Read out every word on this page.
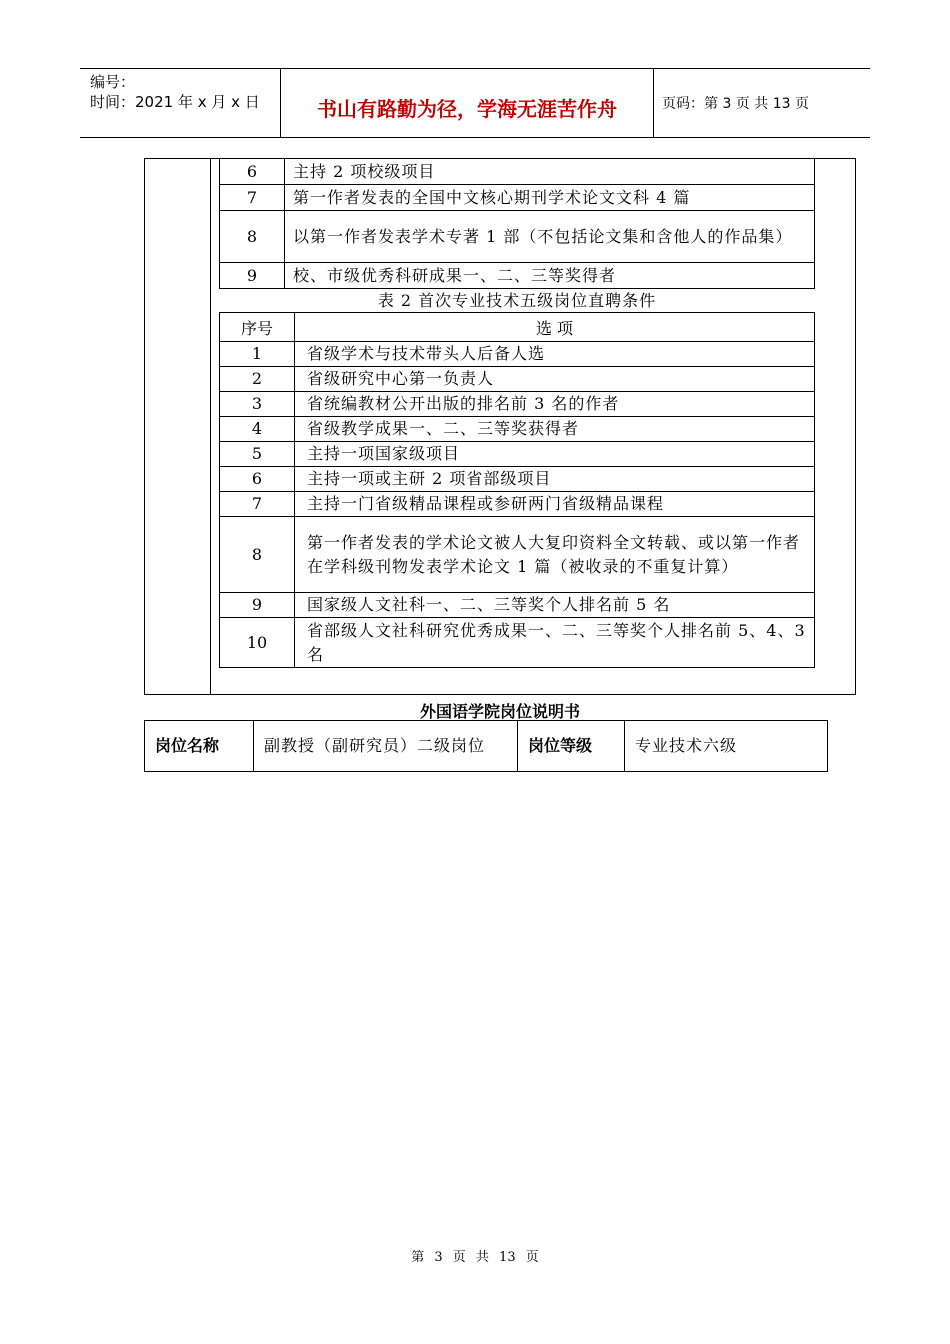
编号：
时间：2021 年 x 月 x 日	书山有路勤为径，学海无涯苦作舟	页码：第 3 页 共 13 页
6	主持 2 项校级项目
7	第一作者发表的全国中文核心期刊学术论文文科 4 篇
8	以第一作者发表学术专著 1 部（不包括论文集和含他人的作品集）
9	校、市级优秀科研成果一、二、三等奖得者
表 2 首次专业技术五级岗位直聘条件
序号	选 项
1	省级学术与技术带头人后备人选
2	省级研究中心第一负责人
3	省统编教材公开出版的排名前 3 名的作者
4	省级教学成果一、二、三等奖获得者
5	主持一项国家级项目
6	主持一项或主研 2 项省部级项目
7	主持一门省级精品课程或参研两门省级精品课程
8	第一作者发表的学术论文被人大复印资料全文转载、或以第一作者在学科级刊物发表学术论文 1 篇（被收录的不重复计算）
9	国家级人文社科一、二、三等奖个人排名前 5 名
10	省部级人文社科研究优秀成果一、二、三等奖个人排名前 5、4、3 名
外国语学院岗位说明书
岗位名称	副教授（副研究员）二级岗位	岗位等级	专业技术六级
第 3 页 共 13 页
